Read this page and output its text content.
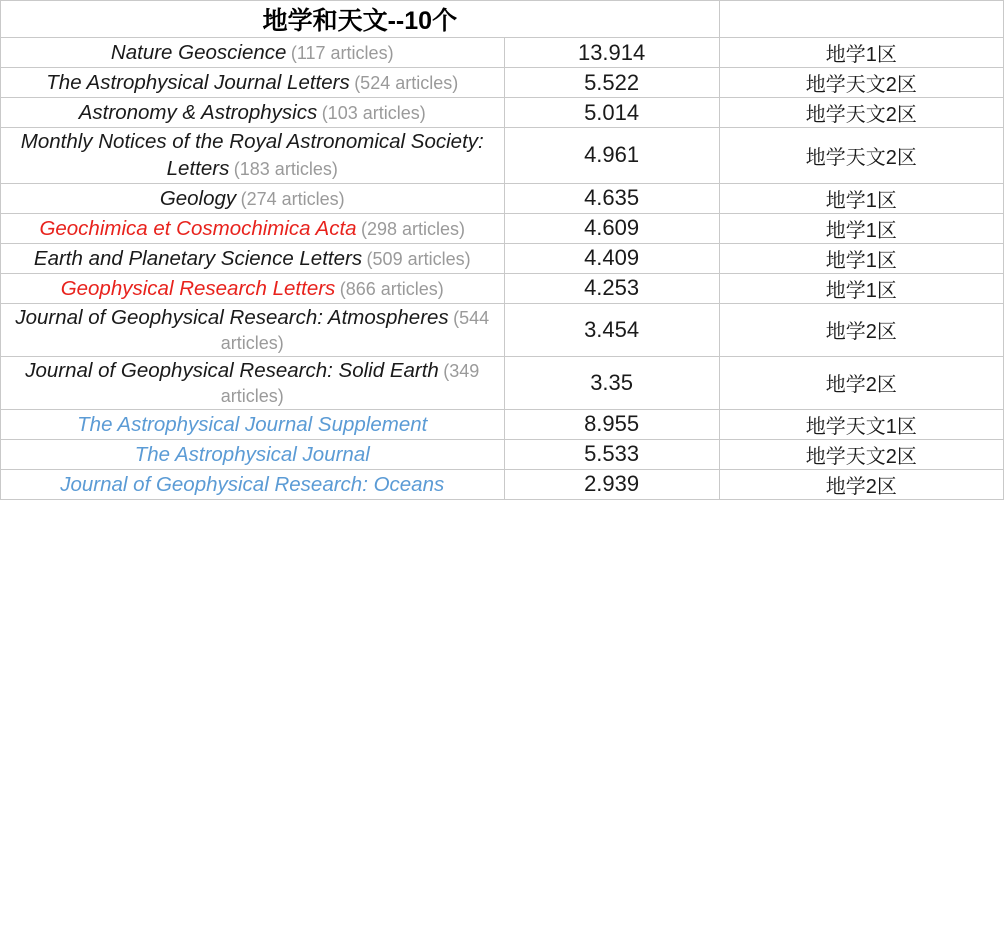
地学和天文--10个		
Nature Geoscience (117 articles)	13.914	地学1区
The Astrophysical Journal Letters (524 articles)	5.522	地学天文2区
Astronomy & Astrophysics (103 articles)	5.014	地学天文2区
Monthly Notices of the Royal Astronomical Society: Letters (183 articles)	4.961	地学天文2区
Geology (274 articles)	4.635	地学1区
Geochimica et Cosmochimica Acta (298 articles)	4.609	地学1区
Earth and Planetary Science Letters (509 articles)	4.409	地学1区
Geophysical Research Letters (866 articles)	4.253	地学1区
Journal of Geophysical Research: Atmospheres (544 articles)	3.454	地学2区
Journal of Geophysical Research: Solid Earth (349 articles)	3.35	地学2区
The Astrophysical Journal Supplement	8.955	地学天文1区
The Astrophysical Journal	5.533	地学天文2区
Journal of Geophysical Research: Oceans	2.939	地学2区
